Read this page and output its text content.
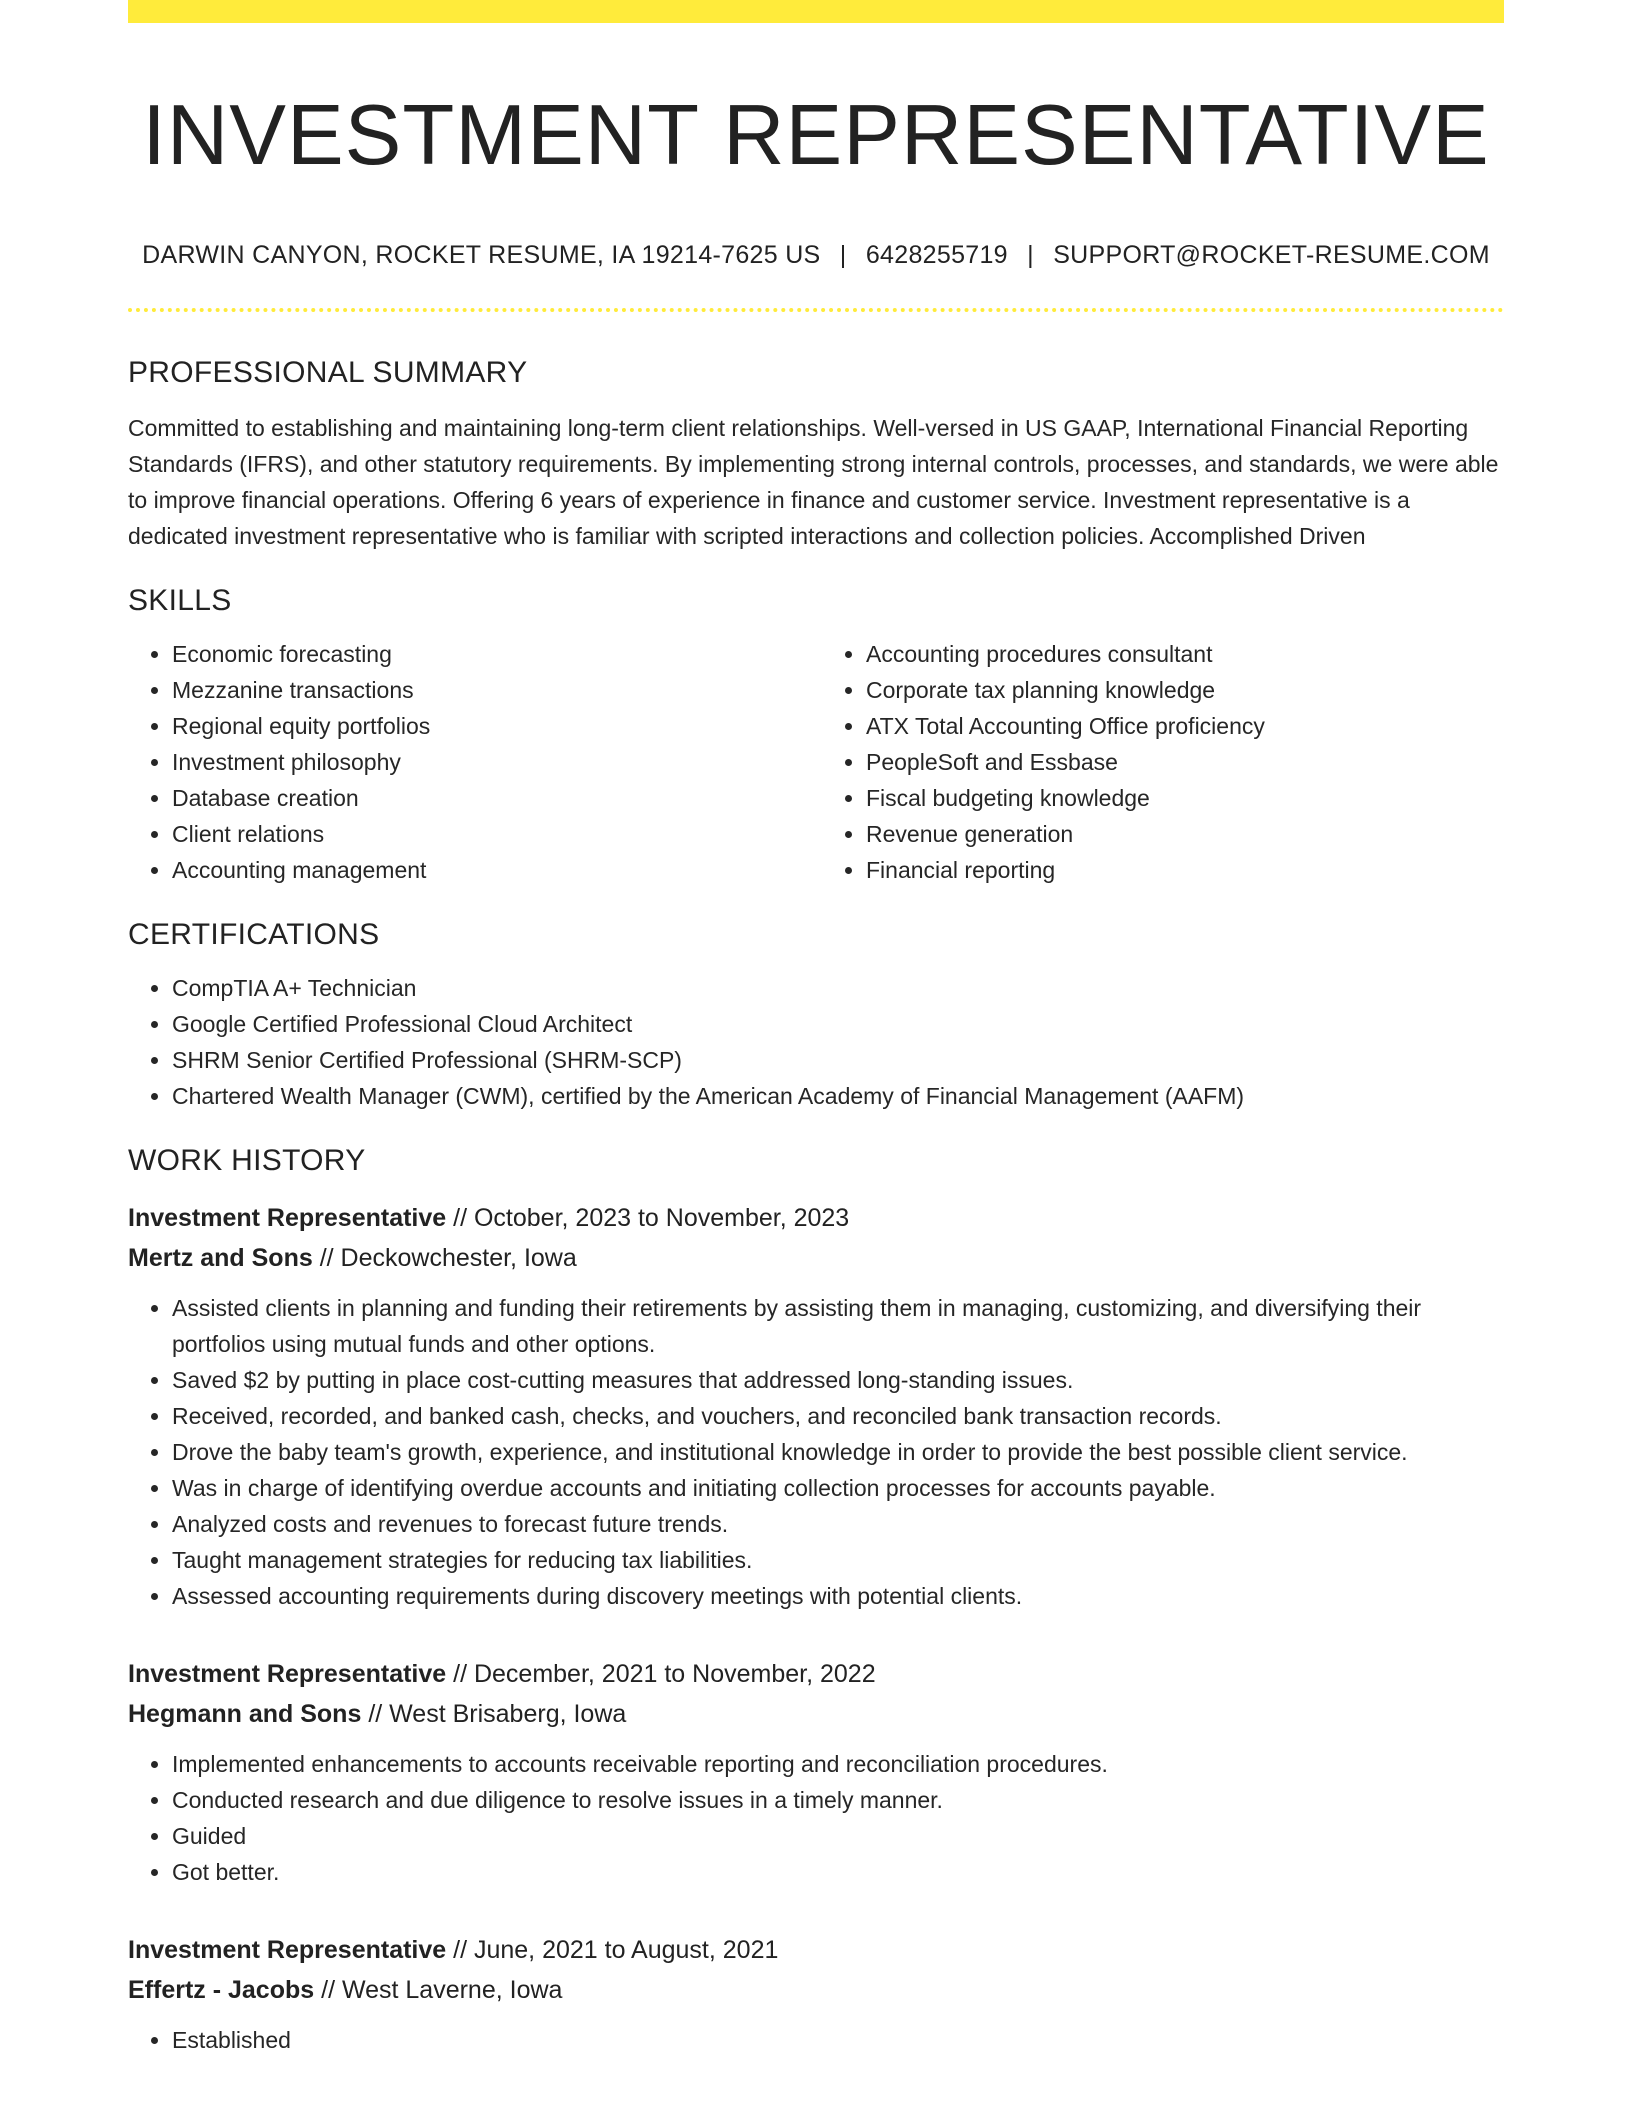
INVESTMENT REPRESENTATIVE
DARWIN CANYON, ROCKET RESUME, IA 19214-7625 US | 6428255719 | SUPPORT@ROCKET-RESUME.COM
PROFESSIONAL SUMMARY
Committed to establishing and maintaining long-term client relationships. Well-versed in US GAAP, International Financial Reporting Standards (IFRS), and other statutory requirements. By implementing strong internal controls, processes, and standards, we were able to improve financial operations. Offering 6 years of experience in finance and customer service. Investment representative is a dedicated investment representative who is familiar with scripted interactions and collection policies. Accomplished Driven
SKILLS
• Economic forecasting
• Mezzanine transactions
• Regional equity portfolios
• Investment philosophy
• Database creation
• Client relations
• Accounting management
• Accounting procedures consultant
• Corporate tax planning knowledge
• ATX Total Accounting Office proficiency
• PeopleSoft and Essbase
• Fiscal budgeting knowledge
• Revenue generation
• Financial reporting
CERTIFICATIONS
• CompTIA A+ Technician
• Google Certified Professional Cloud Architect
• SHRM Senior Certified Professional (SHRM-SCP)
• Chartered Wealth Manager (CWM), certified by the American Academy of Financial Management (AAFM)
WORK HISTORY
Investment Representative // October, 2023 to November, 2023
Mertz and Sons // Deckowchester, Iowa
• Assisted clients in planning and funding their retirements by assisting them in managing, customizing, and diversifying their portfolios using mutual funds and other options.
• Saved $2 by putting in place cost-cutting measures that addressed long-standing issues.
• Received, recorded, and banked cash, checks, and vouchers, and reconciled bank transaction records.
• Drove the baby team's growth, experience, and institutional knowledge in order to provide the best possible client service.
• Was in charge of identifying overdue accounts and initiating collection processes for accounts payable.
• Analyzed costs and revenues to forecast future trends.
• Taught management strategies for reducing tax liabilities.
• Assessed accounting requirements during discovery meetings with potential clients.
Investment Representative // December, 2021 to November, 2022
Hegmann and Sons // West Brisaberg, Iowa
• Implemented enhancements to accounts receivable reporting and reconciliation procedures.
• Conducted research and due diligence to resolve issues in a timely manner.
• Guided
• Got better.
Investment Representative // June, 2021 to August, 2021
Effertz - Jacobs // West Laverne, Iowa
• Established
